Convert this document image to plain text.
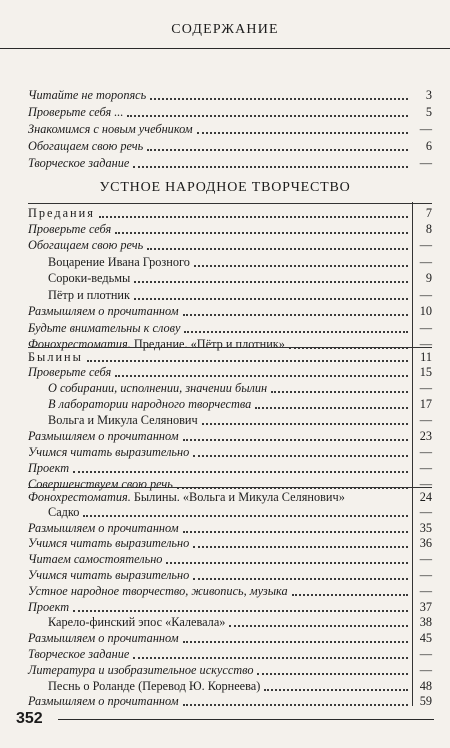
СОДЕРЖАНИЕ
УСТНОЕ НАРОДНОЕ ТВОРЧЕСТВО
Читайте не торопясь	3
Проверьте себя ...	5
Знакомимся с новым учебником	—
Обогащаем свою речь	6
Творческое задание	—
Предания	7
Проверьте себя	8
Обогащаем свою речь	—
Воцарение Ивана Грозного	—
Сороки-ведьмы	9
Пётр и плотник	—
Размышляем о прочитанном	10
Будьте внимательны к слову	—
Фонохрестоматия. Предание. «Пётр и плотник»	—
Былины	11
Проверьте себя	15
О собирании, исполнении, значении былин	—
В лаборатории народного творчества	17
Вольга и Микула Селянович	—
Размышляем о прочитанном	23
Учимся читать выразительно	—
Проект	—
Совершенствуем свою речь	—
Фонохрестоматия. Былины. «Вольга и Микула Селянович»	24
Садко	—
Размышляем о прочитанном	35
Учимся читать выразительно	36
Читаем самостоятельно	—
Учимся читать выразительно	—
Устное народное творчество, живопись, музыка	—
Проект	37
Карело-финский эпос «Калевала»	38
Размышляем о прочитанном	45
Творческое задание	—
Литература и изобразительное искусство	—
Песнь о Роланде (Перевод Ю. Корнеева)	48
Размышляем о прочитанном	59
352
